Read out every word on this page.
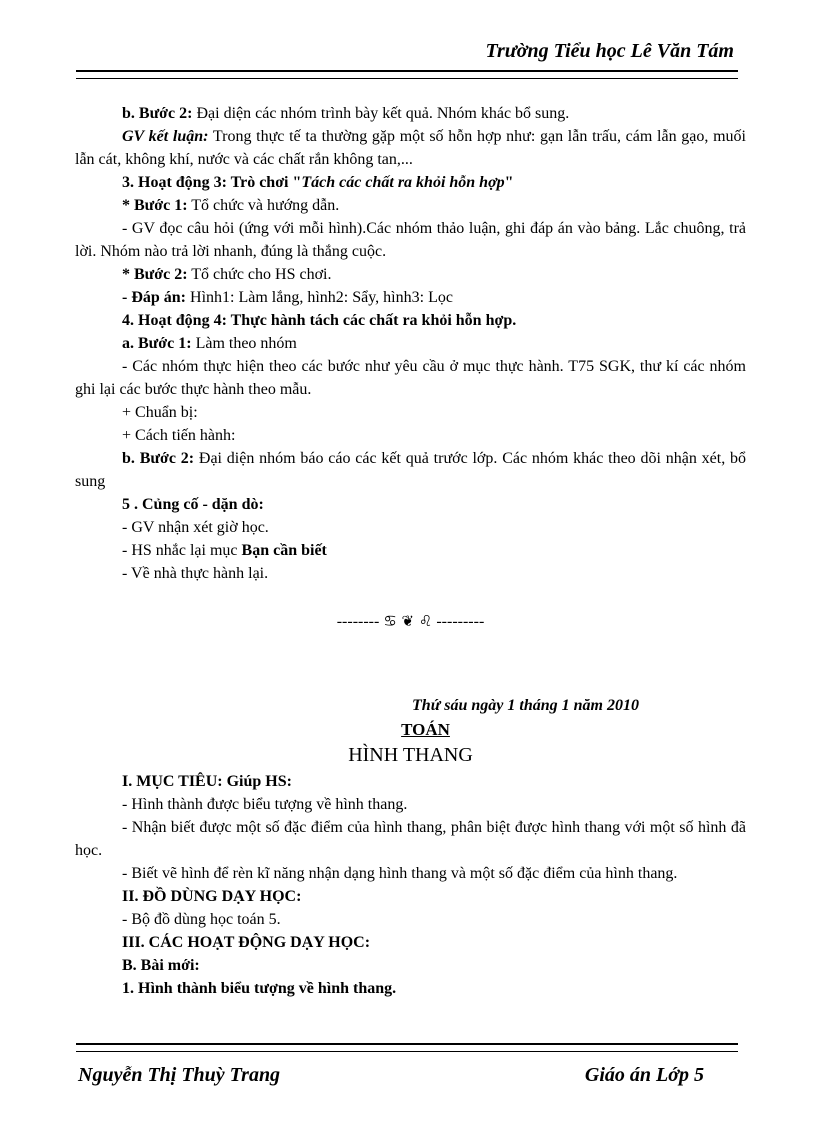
Trường Tiểu học Lê Văn Tám

b. Bước 2: Đại diện các nhóm trình bày kết quả. Nhóm khác bổ sung.

GV kết luận: Trong thực tế ta thường gặp một số hỗn hợp như: gạn lẫn trấu, cám lẫn gạo, muối lẫn cát, không khí, nước và các chất rắn không tan,...

3. Hoạt động 3: Trò chơi "Tách các chất ra khỏi hỗn hợp"

* Bước 1: Tổ chức và hướng dẫn.

- GV đọc câu hỏi (ứng với mỗi hình).Các nhóm thảo luận, ghi đáp án vào bảng. Lắc chuông, trả lời. Nhóm nào trả lời nhanh, đúng là thắng cuộc.

* Bước 2: Tổ chức cho HS chơi.

- Đáp án: Hình1: Làm lắng, hình2: Sẩy, hình3: Lọc

4. Hoạt động 4: Thực hành tách các chất ra khỏi hỗn hợp.

a. Bước 1: Làm theo nhóm

- Các nhóm thực hiện theo các bước như yêu cầu ở mục thực hành. T75 SGK, thư kí các nhóm ghi lại các bước thực hành theo mẫu.

+ Chuẩn bị:

+ Cách tiến hành:

b. Bước 2: Đại diện nhóm báo cáo các kết quả trước lớp. Các nhóm khác theo dõi nhận xét, bổ sung

5 . Củng cố - dặn dò:

- GV nhận xét giờ học.

- HS nhắc lại mục Bạn cần biết

- Về nhà thực hành lại.

-------- ♋ ❦ ♌ ---------

Thứ sáu ngày 1 tháng 1 năm 2010
TOÁN
HÌNH THANG

I. MỤC TIÊU: Giúp HS:

- Hình thành được biểu tượng về hình thang.

- Nhận biết được một số đặc điểm của hình thang, phân biệt được hình thang với một số hình đã học.

- Biết vẽ hình để rèn kĩ năng nhận dạng hình thang và một số đặc điểm của hình thang.

II. ĐỒ DÙNG DẠY HỌC:

- Bộ đồ dùng học toán 5.

III. CÁC HOẠT ĐỘNG DẠY HỌC:

B. Bài mới:

1. Hình thành biểu tượng về hình thang.

Nguyễn Thị Thuỳ Trang	Giáo án Lớp 5
